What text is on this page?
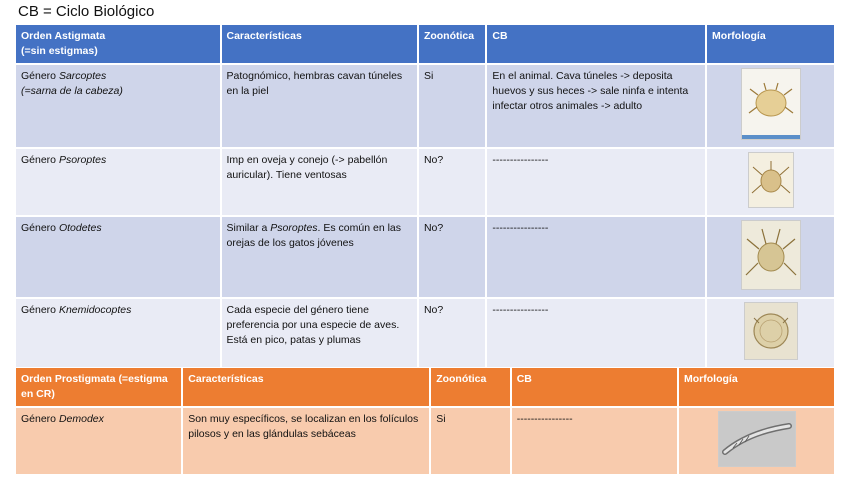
CB = Ciclo Biológico
Orden Astigmata
(=sin estigmas)	Características	Zoonótica	CB	Morfología
Género Sarcoptes
(=sarna de la cabeza)	Patognómico, hembras cavan túneles en la piel	Si	En el animal. Cava túneles -> deposita huevos y sus heces -> sale ninfa e intenta infectar otros animales -> adulto	
Género Psoroptes	Imp en oveja y conejo (-> pabellón auricular). Tiene ventosas	No?	----------------	
Género Otodetes	Similar a Psoroptes. Es común en las orejas de los gatos jóvenes	No?	----------------	
Género Knemidocoptes	Cada especie del género tiene preferencia por una especie de aves. Está en pico, patas y plumas	No?	----------------	
Orden Prostigmata (=estigma en CR)	Características	Zoonótica	CB	Morfología
Género Demodex	Son muy específicos, se localizan en los folículos pilosos y en las glándulas sebáceas	Si	----------------	
